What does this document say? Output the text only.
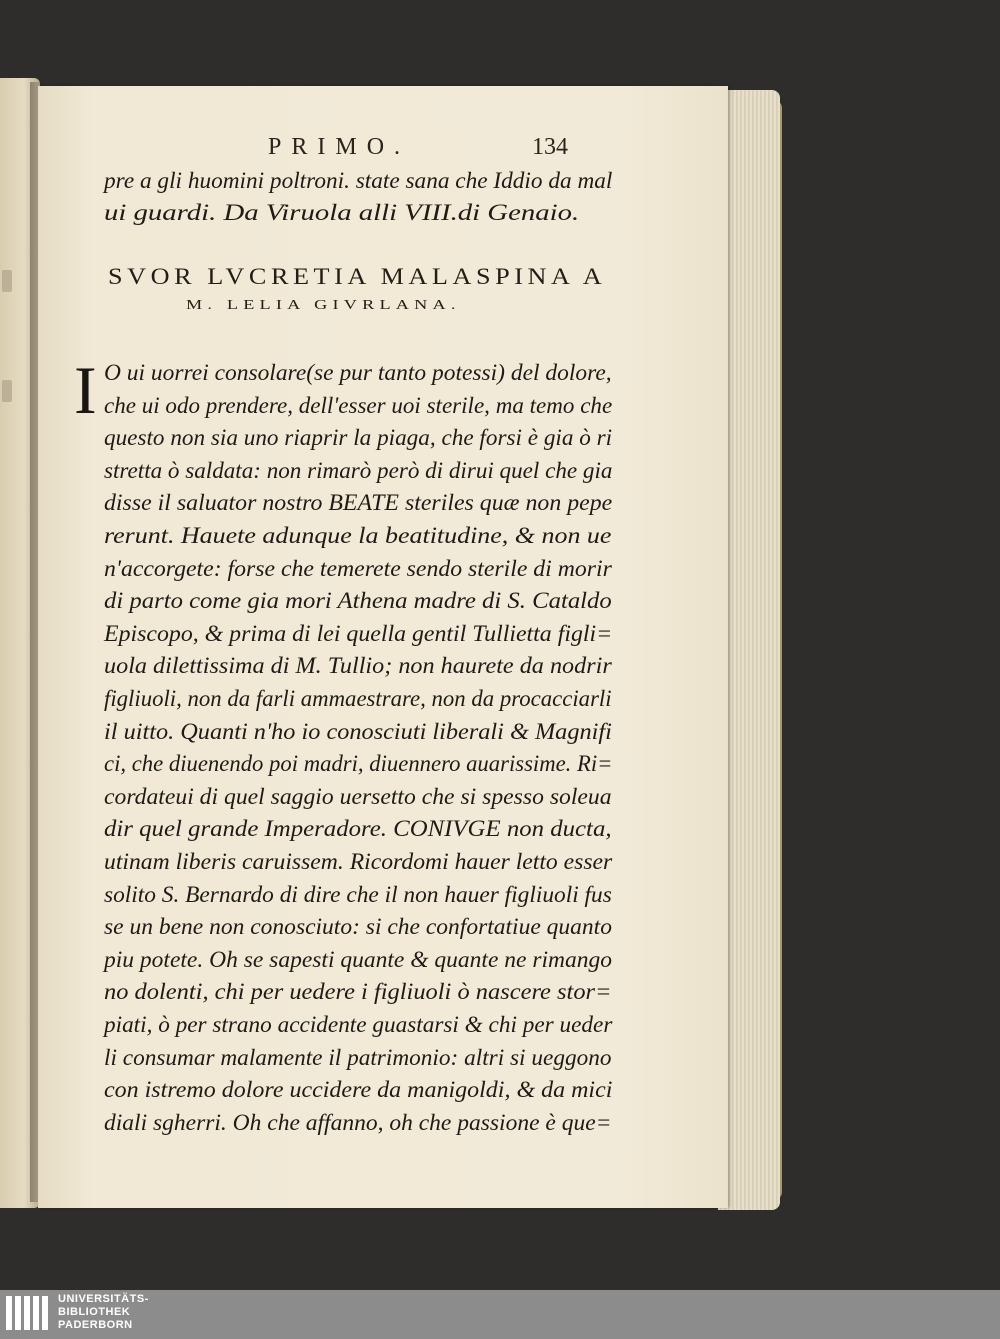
PRIMO.	134
pre a gli huomini poltroni. state sana che Iddio da mal
ui guardi. Da Viruola alli VIII.di Genaio.
SVOR LVCRETIA MALASPINA A
M. LELIA GIVRLANA.
I O ui uorrei consolare(se pur tanto potessi) del dolore,
che ui odo prendere, dell'esser uoi sterile, ma temo che
questo non sia uno riaprir la piaga, che forsi è gia ò ri
stretta ò saldata: non rimarò però di dirui quel che gia
disse il saluator nostro BEATE steriles quæ non pepe
rerunt. Hauete adunque la beatitudine, & non ue
n'accorgete: forse che temerete sendo sterile di morir
di parto come gia mori Athena madre di S. Cataldo
Episcopo, & prima di lei quella gentil Tullietta figli=
uola dilettissima di M. Tullio; non haurete da nodrir
figliuoli, non da farli ammaestrare, non da procacciarli
il uitto. Quanti n'ho io conosciuti liberali & Magnifi
ci, che diuenendo poi madri, diuennero auarissime. Ri=
cordateui di quel saggio uersetto che si spesso soleua
dir quel grande Imperadore. CONIVGE non ducta,
utinam liberis caruissem. Ricordomi hauer letto esser
solito S. Bernardo di dire che il non hauer figliuoli fus
se un bene non conosciuto: si che confortatiue quanto
piu potete. Oh se sapesti quante & quante ne rimango
no dolenti, chi per uedere i figliuoli ò nascere stor=
piati, ò per strano accidente guastarsi & chi per ueder
li consumar malamente il patrimonio: altri si ueggono
con istremo dolore uccidere da manigoldi, & da mici
diali sgherri. Oh che affanno, oh che passione è que=
UNIVERSITÄTS-
BIBLIOTHEK
PADERBORN
